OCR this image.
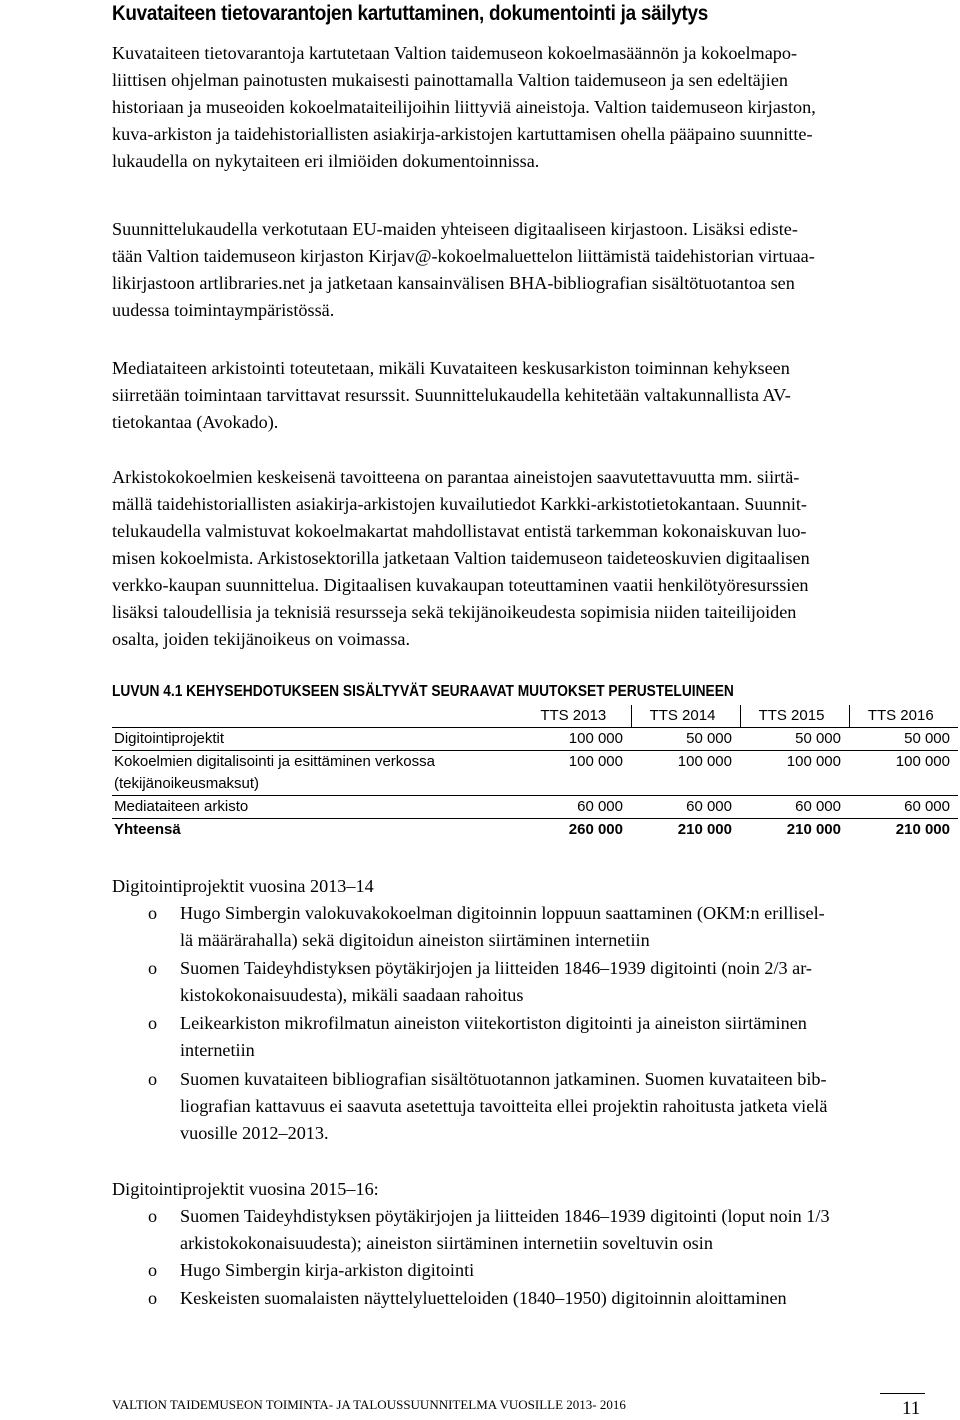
Kuvataiteen tietovarantojen kartuttaminen, dokumentointi ja säilytys
Kuvataiteen tietovarantoja kartutetaan Valtion taidemuseon kokoelmasäännön ja kokoelmapo-
liittisen ohjelman painotusten mukaisesti painottamalla Valtion taidemuseon ja sen edeltäjien
historiaan ja museoiden kokoelmataiteilijoihin liittyviä aineistoja. Valtion taidemuseon kirjaston,
kuva-arkiston ja taidehistoriallisten asiakirja-arkistojen kartuttamisen ohella pääpaino suunnitte-
lukaudella on nykytaiteen eri ilmiöiden dokumentoinnissa.
Suunnittelukaudella verkotutaan EU-maiden yhteiseen digitaaliseen kirjastoon. Lisäksi ediste-
tään Valtion taidemuseon kirjaston Kirjav@-kokoelmaluettelon liittämistä taidehistorian virtuaa-
likirjastoon artlibraries.net ja jatketaan kansainvälisen BHA-bibliografian sisältötuotantoa sen
uudessa toimintaympäristössä.
Mediataiteen arkistointi toteutetaan, mikäli Kuvataiteen keskusarkiston toiminnan kehykseen
siirretään toimintaan tarvittavat resurssit. Suunnittelukaudella kehitetään valtakunnallista AV-
tietokantaa (Avokado).
Arkistokokoelmien keskeisenä tavoitteena on parantaa aineistojen saavutettavuutta mm. siirtä-
mällä taidehistoriallisten asiakirja-arkistojen kuvailutiedot Karkki-arkistotietokantaan. Suunnit-
telukaudella valmistuvat kokoelmakartat mahdollistavat entistä tarkemman kokonaiskuvan luo-
misen kokoelmista. Arkistosektorilla jatketaan Valtion taidemuseon taideteoskuvien digitaalisen
verkko-kaupan suunnittelua. Digitaalisen kuvakaupan toteuttaminen vaatii henkilötyöresurssien
lisäksi taloudellisia ja teknisiä resursseja sekä tekijänoikeudesta sopimisia niiden taiteilijoiden
osalta, joiden tekijänoikeus on voimassa.
LUVUN 4.1 KEHYSEHDOTUKSEEN SISÄLTYVÄT SEURAAVAT MUUTOKSET PERUSTELUINEEN
	TTS 2013	TTS 2014	TTS 2015	TTS 2016
Digitointiprojektit	100 000	50 000	50 000	50 000
Kokoelmien digitalisointi ja esittäminen verkossa (tekijänoikeusmaksut)	100 000	100 000	100 000	100 000
Mediataiteen arkisto	60 000	60 000	60 000	60 000
Yhteensä	260 000	210 000	210 000	210 000
Digitointiprojektit vuosina 2013–14
o Hugo Simbergin valokuvakokoelman digitoinnin loppuun saattaminen (OKM:n erillisel-
lä määrärahalla) sekä digitoidun aineiston siirtäminen internetiin
o Suomen Taideyhdistyksen pöytäkirjojen ja liitteiden 1846–1939 digitointi (noin 2/3 ar-
kistokokonaisuudesta), mikäli saadaan rahoitus
o Leikearkiston mikrofilmatun aineiston viitekortiston digitointi ja aineiston siirtäminen
internetiin
o Suomen kuvataiteen bibliografian sisältötuotannon jatkaminen. Suomen kuvataiteen bib-
liografian kattavuus ei saavuta asetettuja tavoitteita ellei projektin rahoitusta jatketa vielä
vuosille 2012–2013.
Digitointiprojektit vuosina 2015–16:
o Suomen Taideyhdistyksen pöytäkirjojen ja liitteiden 1846–1939 digitointi (loput noin 1/3
arkistokokonaisuudesta); aineiston siirtäminen internetiin soveltuvin osin
o Hugo Simbergin kirja-arkiston digitointi
o Keskeisten suomalaisten näyttelyluetteloiden (1840–1950) digitoinnin aloittaminen
VALTION TAIDEMUSEON TOIMINTA- JA TALOUSSUUNNITELMA VUOSILLE 2013- 2016	11
